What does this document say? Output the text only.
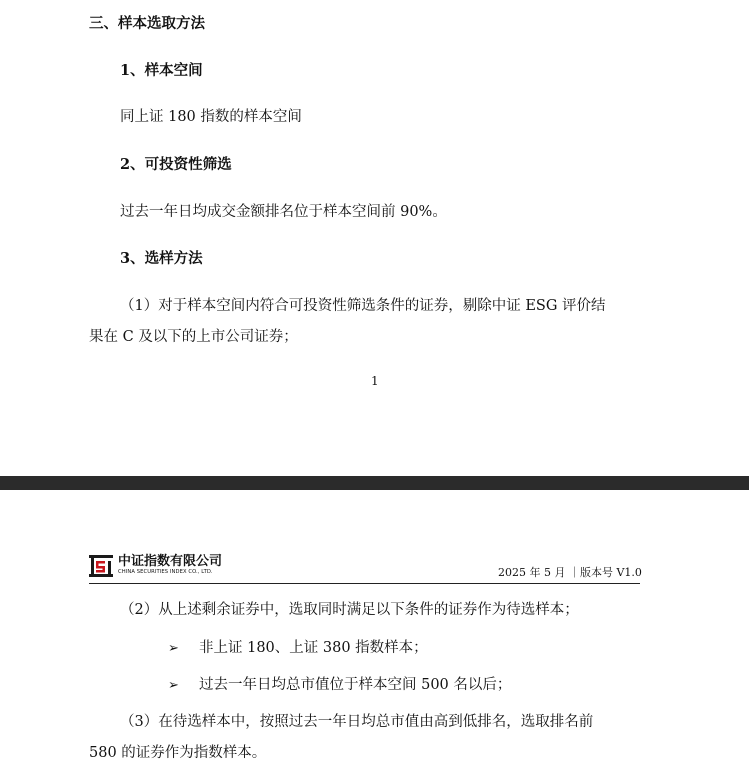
三、样本选取方法
1、样本空间
同上证 180 指数的样本空间
2、可投资性筛选
过去一年日均成交金额排名位于样本空间前 90%。
3、选样方法
（1）对于样本空间内符合可投资性筛选条件的证券，剔除中证 ESG 评价结
果在 C 及以下的上市公司证券；
1
中证指数有限公司
CHINA SECURITIES INDEX CO., LTD.	2025 年 5 月 ｜版本号 V1.0
（2）从上述剩余证券中，选取同时满足以下条件的证券作为待选样本；
➢ 非上证 180、上证 380 指数样本；
➢ 过去一年日均总市值位于样本空间 500 名以后；
（3）在待选样本中，按照过去一年日均总市值由高到低排名，选取排名前
580 的证券作为指数样本。
